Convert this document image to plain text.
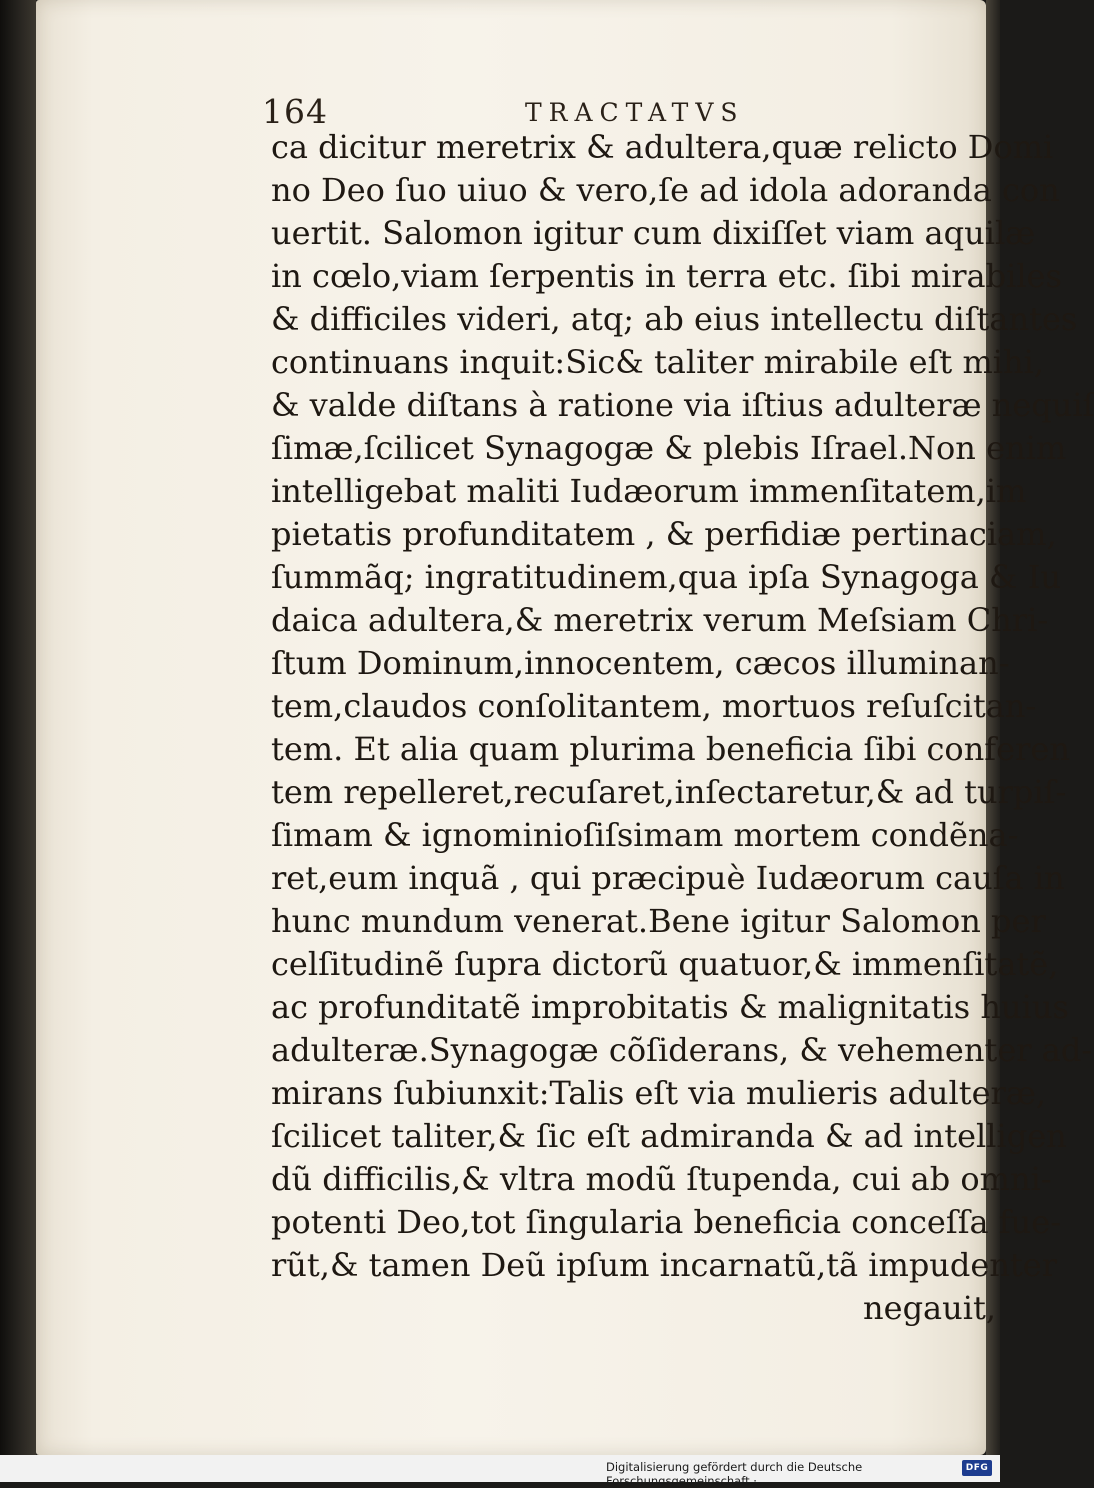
164	TRACTATVS
ca dicitur meretrix & adultera,quæ relicto Domi
no Deo ſuo uiuo & vero,ſe ad idola adoranda con
uertit. Salomon igitur cum dixiſſet viam aquilæ
in cœlo,viam ſerpentis in terra etc. ſibi mirabiles
& difficiles videri, atq; ab eius intellectu diſtantes
continuans inquit:Sic& taliter mirabile eſt mihi,
& valde diſtans à ratione via iſtius adulteræ nequiſ
ſimæ,ſcilicet Synagogæ & plebis Iſrael.Non enim
intelligebat maliti Iudæorum immenſitatem,im
pietatis profunditatem , & perfidiæ pertinaciam,
ſummãq; ingratitudinem,qua ipſa Synagoga & Iu
daica adultera,& meretrix verum Meſsiam Chri-
ſtum Dominum,innocentem, cæcos illuminan-
tem,claudos conſolitantem, mortuos reſuſcitan-
tem. Et alia quam plurima beneficia ſibi conferen
tem repelleret,recuſaret,inſectaretur,& ad turpiſ-
ſimam & ignominioſiſsimam mortem condẽna-
ret,eum inquã , qui præcipuè Iudæorum cauſa in
hunc mundum venerat.Bene igitur Salomon per
celſitudinẽ ſupra dictorũ quatuor,& immenſitatẽ,
ac profunditatẽ improbitatis & malignitatis huius
adulteræ.Synagogæ cõſiderans, & vehementer ad-
mirans ſubiunxit:Talis eſt via mulieris adulteræ,
ſcilicet taliter,& ſic eſt admiranda & ad intelligen
dũ difficilis,& vltra modũ ſtupenda, cui ab omni-
potenti Deo,tot ſingularia beneficia conceſſa fue-
rũt,& tamen Deũ ipſum incarnatũ,tã impudenter
negauit,
Digitalisierung gefördert durch die Deutsche Forschungsgemeinschaft ·
DFG
